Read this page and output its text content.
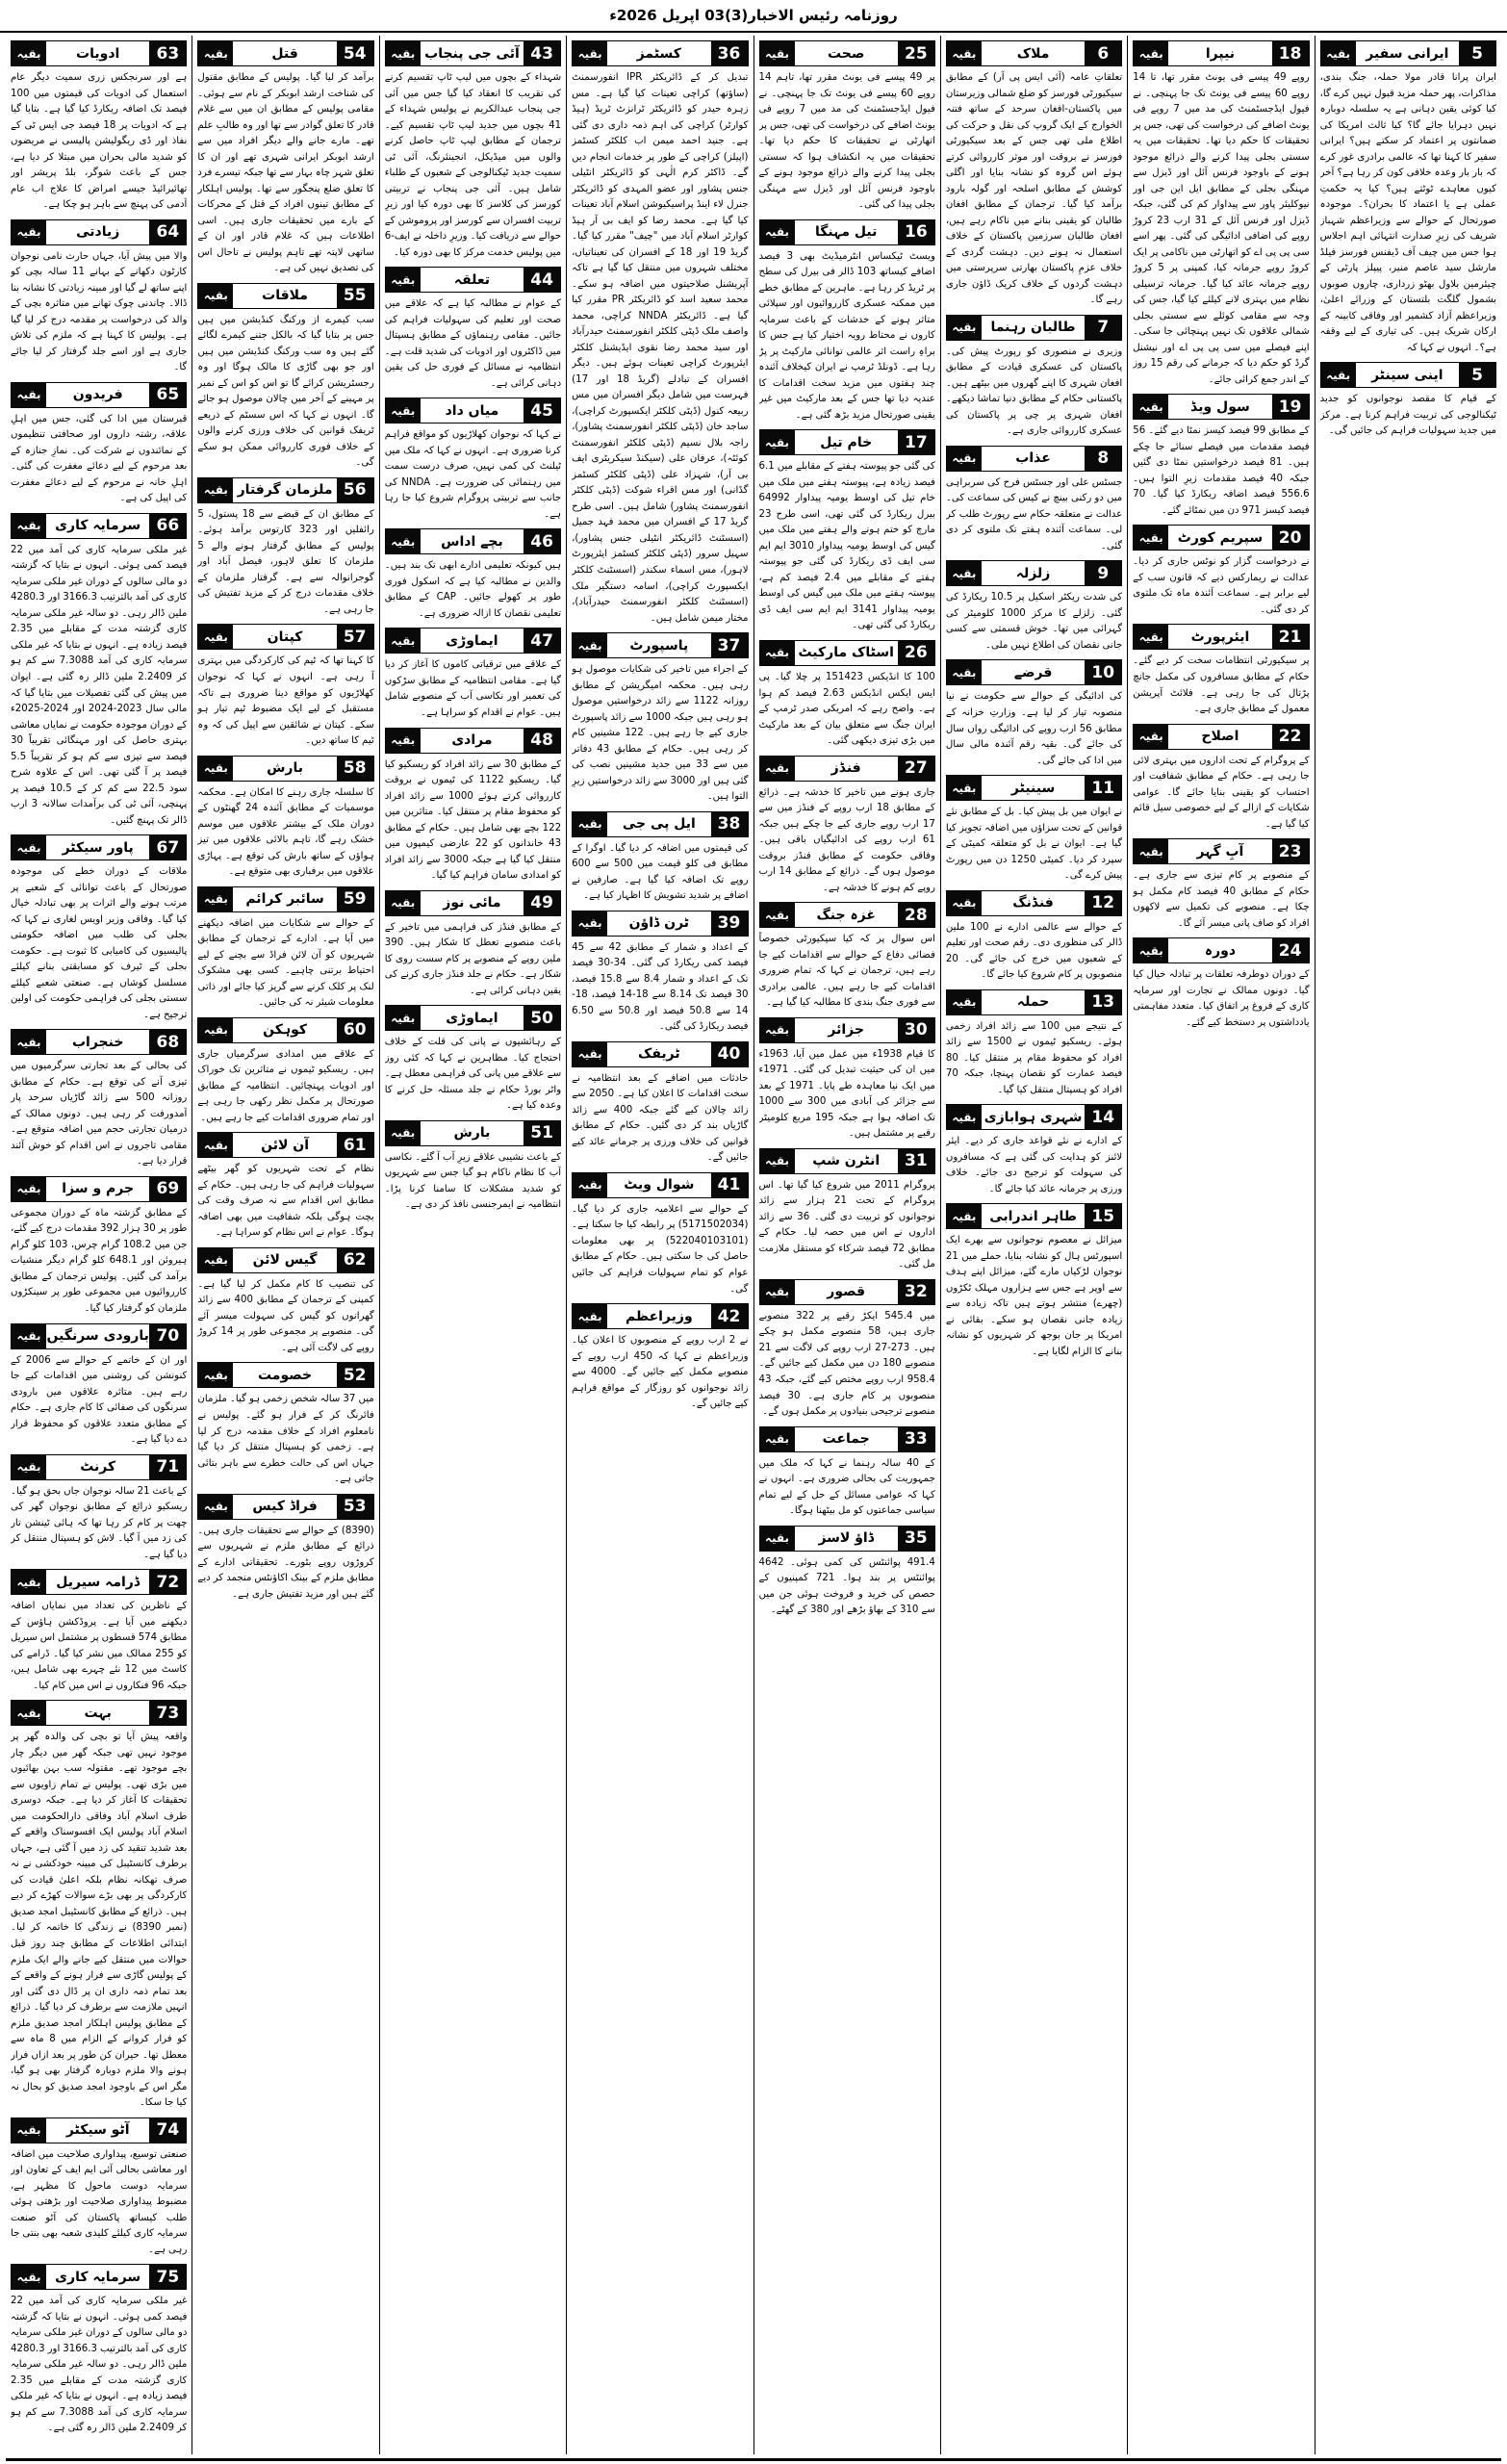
روزنامہ رئیس الاخبار(3)03 اپریل 2026ء
5
ایرانی سفیر
بقیہ
ایران پرانا قادر مولا حملہ، جنگ بندی، مذاکرات، پھر حملہ مزید قبول نہیں کرے گا، کیا کوئی یقین دہانی ہے یہ سلسلہ دوبارہ نہیں دہرایا جائے گا؟ کیا ثالث امریکا کی ضمانتوں پر اعتماد کر سکتے ہیں؟ ایرانی سفیر کا کہنا تھا کہ عالمی برادری غور کرے کہ بار بار وعدہ خلافی کون کر رہا ہے؟ آخر کیوں معاہدے ٹوٹتے ہیں؟ کیا یہ حکمتِ عملی ہے یا اعتماد کا بحران؟۔ موجودہ صورتحال کے حوالے سے وزیراعظم شہباز شریف کی زیرِ صدارت انتہائی اہم اجلاس ہوا جس میں چیف آف ڈیفنس فورسز فیلڈ مارشل سید عاصم منیر، پیپلز پارٹی کے چیئرمین بلاول بھٹو زرداری، چاروں صوبوں بشمول گلگت بلتستان کے وزرائے اعلیٰ، وزیراعظم آزاد کشمیر اور وفاقی کابینہ کے ارکان شریک ہیں۔ کی تیاری کے لیے وقفہ ہے؟۔ انہوں نے کہا کہ
5
اینی سینٹر
بقیہ
کے قیام کا مقصد نوجوانوں کو جدید ٹیکنالوجی کی تربیت فراہم کرنا ہے۔ مرکز میں جدید سہولیات فراہم کی جائیں گی۔
18
نیپرا
بقیہ
روپے 49 پیسے فی یونٹ مقرر تھا، تا 14 روپے 60 پیسے فی یونٹ تک جا پہنچی۔ نے فیول ایڈجسٹمنٹ کی مد میں 7 روپے فی یونٹ اضافے کی درخواست کی تھی، جس پر تحقیقات کا حکم دیا تھا۔ تحقیقات میں یہ سستی بجلی پیدا کرنے والے ذرائع موجود ہونے کے باوجود فرنس آئل اور ڈیزل سے مہنگی بجلی کے مطابق ایل این جی اور نیوکلیئر پاور سے پیداوار کم کی گئی، جبکہ ڈیزل اور فرنس آئل کے 31 ارب 23 کروڑ روپے کی اضافی ادائیگی کی گئی۔ پھر اسے سی پی پی اے کو اتھارٹی میں ناکامی پر ایک کروڑ روپے جرمانہ کیا، کمپنی پر 5 کروڑ روپے جرمانہ عائد کیا گیا۔ جرمانہ ترسیلی نظام میں بہتری لانے کیلئے کیا گیا، جس کی وجہ سے مقامی کوئلے سے سستی بجلی شمالی علاقوں تک نہیں پہنچائی جا سکی۔ اپنے فیصلے میں سی پی پی اے اور نیشنل گرڈ کو حکم دیا کہ جرمانے کی رقم 15 روز کے اندر جمع کرائی جائے۔
19
سول ویڈ
بقیہ
کے مطابق 99 فیصد کیسز نمٹا دیے گئے۔ 56 فیصد مقدمات میں فیصلے سنائے جا چکے ہیں۔ 81 فیصد درخواستیں نمٹا دی گئیں جبکہ 40 فیصد مقدمات زیرِ التوا ہیں۔ 556.6 فیصد اضافہ ریکارڈ کیا گیا۔ 70 فیصد کیسز 971 دن میں نمٹائے گئے۔
20
سپریم کورٹ
بقیہ
نے درخواست گزار کو نوٹس جاری کر دیا۔ عدالت نے ریمارکس دیے کہ قانون سب کے لیے برابر ہے۔ سماعت آئندہ ماہ تک ملتوی کر دی گئی۔
21
ایئرپورٹ
بقیہ
پر سیکیورٹی انتظامات سخت کر دیے گئے۔ حکام کے مطابق مسافروں کی مکمل جانچ پڑتال کی جا رہی ہے۔ فلائٹ آپریشن معمول کے مطابق جاری ہے۔
22
اصلاح
بقیہ
کے پروگرام کے تحت اداروں میں بہتری لائی جا رہی ہے۔ حکام کے مطابق شفافیت اور احتساب کو یقینی بنایا جائے گا۔ عوامی شکایات کے ازالے کے لیے خصوصی سیل قائم کیا گیا ہے۔
23
آبِ گہر
بقیہ
کے منصوبے پر کام تیزی سے جاری ہے۔ حکام کے مطابق 40 فیصد کام مکمل ہو چکا ہے۔ منصوبے کی تکمیل سے لاکھوں افراد کو صاف پانی میسر آئے گا۔
24
دورہ
بقیہ
کے دوران دوطرفہ تعلقات پر تبادلہ خیال کیا گیا۔ دونوں ممالک نے تجارت اور سرمایہ کاری کے فروغ پر اتفاق کیا۔ متعدد مفاہمتی یادداشتوں پر دستخط کیے گئے۔
6
ملاک
بقیہ
تعلقاتِ عامہ (آئی ایس پی آر) کے مطابق سیکیورٹی فورسز کو ضلع شمالی وزیرستان میں پاکستان-افغان سرحد کے ساتھ فتنہ الخوارج کے ایک گروپ کی نقل و حرکت کی اطلاع ملی تھی جس کے بعد سیکیورٹی فورسز نے بروقت اور موثر کارروائی کرتے ہوئے اس گروہ کو نشانہ بنایا اور اگلی کوشش کے مطابق اسلحہ اور گولہ بارود برآمد کیا گیا۔ ترجمان کے مطابق افغان طالبان کو یقینی بنانے میں ناکام رہے ہیں، افغان طالبان سرزمین پاکستان کے خلاف استعمال نہ ہونے دیں۔ دہشت گردی کے خلاف عزمِ پاکستان بھارتی سرپرستی میں دہشت گردوں کے خلاف کریک ڈاؤن جاری رہے گا۔
7
طالبان رہنما
بقیہ
وزیری نے منصوری کو رپورٹ پیش کی۔ پاکستان کی عسکری قیادت کے مطابق افغان شہری کا اپنے گھروں میں بیٹھے ہیں۔ پاکستانی حکام کے مطابق دنیا تماشا دیکھے۔ افغان شہری پر چی پر پاکستان کی عسکری کارروائی جاری ہے۔
8
عذاب
بقیہ
جسٹس علی اور جسٹس فرح کی سربراہی میں دو رکنی بینچ نے کیس کی سماعت کی۔ عدالت نے متعلقہ حکام سے رپورٹ طلب کر لی۔ سماعت آئندہ ہفتے تک ملتوی کر دی گئی۔
9
زلزلہ
بقیہ
کی شدت ریکٹر اسکیل پر 10.5 ریکارڈ کی گئی۔ زلزلے کا مرکز 1000 کلومیٹر کی گہرائی میں تھا۔ خوش قسمتی سے کسی جانی نقصان کی اطلاع نہیں ملی۔
10
قرضے
بقیہ
کی ادائیگی کے حوالے سے حکومت نے نیا منصوبہ تیار کر لیا ہے۔ وزارتِ خزانہ کے مطابق 56 ارب روپے کی ادائیگی رواں سال کی جائے گی۔ بقیہ رقم آئندہ مالی سال میں ادا کی جائے گی۔
11
سینیٹر
بقیہ
نے ایوان میں بل پیش کیا۔ بل کے مطابق نئے قوانین کے تحت سزاؤں میں اضافہ تجویز کیا گیا ہے۔ ایوان نے بل کو متعلقہ کمیٹی کے سپرد کر دیا۔ کمیٹی 1250 دن میں رپورٹ پیش کرے گی۔
12
فنڈنگ
بقیہ
کے حوالے سے عالمی ادارے نے 100 ملین ڈالر کی منظوری دی۔ رقم صحت اور تعلیم کے شعبوں میں خرچ کی جائے گی۔ 20 منصوبوں پر کام شروع کیا جائے گا۔
13
حملہ
بقیہ
کے نتیجے میں 100 سے زائد افراد زخمی ہوئے۔ ریسکیو ٹیموں نے 1500 سے زائد افراد کو محفوظ مقام پر منتقل کیا۔ 80 فیصد عمارت کو نقصان پہنچا، جبکہ 70 افراد کو ہسپتال منتقل کیا گیا۔
14
شہری ہوابازی
بقیہ
کے ادارے نے نئے قواعد جاری کر دیے۔ ایئر لائنز کو ہدایت کی گئی ہے کہ مسافروں کی سہولت کو ترجیح دی جائے۔ خلاف ورزی پر جرمانہ عائد کیا جائے گا۔
15
طاہر اندرابی
بقیہ
میزائل نے معصوم نوجوانوں سے بھرے ایک اسپورٹس ہال کو نشانہ بنایا، حملے میں 21 نوجوان لڑکیاں مارے گئے، میزائل اپنے ہدف سے اوپر ہے جس سے ہزاروں مہلک ٹکڑوں (چھرے) منتشر ہوتے ہیں تاکہ زیادہ سے زیادہ جانی نقصان ہو سکے۔ بقائی نے امریکا پر جان بوجھ کر شہریوں کو نشانہ بنانے کا الزام لگایا ہے۔
25
صحت
بقیہ
پر 49 پیسے فی یونٹ مقرر تھا، تاہم 14 روپے 60 پیسے فی یونٹ تک جا پہنچی۔ نے فیول ایڈجسٹمنٹ کی مد میں 7 روپے فی یونٹ اضافے کی درخواست کی تھی، جس پر اتھارٹی نے تحقیقات کا حکم دیا تھا۔ تحقیقات میں یہ انکشاف ہوا کہ سستی بجلی پیدا کرنے والے ذرائع موجود ہونے کے باوجود فرنس آئل اور ڈیزل سے مہنگی بجلی پیدا کی گئی۔
16
تیل مہنگا
بقیہ
ویسٹ ٹیکساس انٹرمیڈیٹ بھی 3 فیصد اضافے کیساتھ 103 ڈالر فی بیرل کی سطح پر ٹریڈ کر رہا ہے۔ ماہرین کے مطابق خطے میں ممکنہ عسکری کارروائیوں اور سپلائی متاثر ہونے کے خدشات کے باعث سرمایہ کاروں نے محتاط رویہ اختیار کیا ہے جس کا براہِ راست اثر عالمی توانائی مارکیٹ پر پڑ رہا ہے۔ ڈونلڈ ٹرمپ نے ایران کیخلاف آئندہ چند ہفتوں میں مزید سخت اقدامات کا عندیہ دیا تھا جس کے بعد مارکیٹ میں غیر یقینی صورتحال مزید بڑھ گئی ہے۔
17
خام تیل
بقیہ
کی گئی جو پیوستہ ہفتے کے مقابلے میں 6.1 فیصد زیادہ ہے، پیوستہ ہفتے میں ملک میں خام تیل کی اوسط یومیہ پیداوار 64992 بیرل ریکارڈ کی گئی تھی، اسی طرح 23 مارچ کو ختم ہونے والے ہفتے میں ملک میں گیس کی اوسط یومیہ پیداوار 3010 ایم ایم سی ایف ڈی ریکارڈ کی گئی جو پیوستہ ہفتے کے مقابلے میں 2.4 فیصد کم ہے، پیوستہ ہفتے میں ملک میں گیس کی اوسط یومیہ پیداوار 3141 ایم ایم سی ایف ڈی ریکارڈ کی گئی تھی۔
26
اسٹاک مارکیٹ
بقیہ
100 کا انڈیکس 151423 پر چلا گیا۔ پی ایس ایکس انڈیکس 2.63 فیصد کم ہوا ہے۔ واضح رہے کہ امریکی صدر ٹرمپ کے ایران جنگ سے متعلق بیان کے بعد مارکیٹ میں بڑی تیزی دیکھی گئی۔
27
فنڈز
بقیہ
جاری ہونے میں تاخیر کا خدشہ ہے۔ ذرائع کے مطابق 18 ارب روپے کے فنڈز میں سے 17 ارب روپے جاری کیے جا چکے ہیں جبکہ 61 ارب روپے کی ادائیگیاں باقی ہیں۔ وفاقی حکومت کے مطابق فنڈز بروقت موصول ہوں گے۔ ذرائع کے مطابق 14 ارب روپے کم ہونے کا خدشہ ہے۔
28
غزہ جنگ
بقیہ
اس سوال پر کہ کیا سیکیورٹی خصوصاً فضائی دفاع کے حوالے سے اقدامات کیے جا رہے ہیں، ترجمان نے کہا کہ تمام ضروری اقدامات کیے جا رہے ہیں۔ عالمی برادری سے فوری جنگ بندی کا مطالبہ کیا گیا ہے۔
30
جزائر
بقیہ
کا قیام 1938ء میں عمل میں آیا، 1963ء میں ان کی حیثیت تبدیل کی گئی۔ 1971ء میں ایک نیا معاہدہ طے پایا۔ 1971 کے بعد سے جزائر کی آبادی میں 300 سے 1000 تک اضافہ ہوا ہے جبکہ 195 مربع کلومیٹر رقبے پر مشتمل ہیں۔
31
انٹرن شپ
بقیہ
پروگرام 2011 میں شروع کیا گیا تھا۔ اس پروگرام کے تحت 21 ہزار سے زائد نوجوانوں کو تربیت دی گئی۔ 36 سے زائد اداروں نے اس میں حصہ لیا۔ حکام کے مطابق 72 فیصد شرکاء کو مستقل ملازمت مل گئی۔
32
قصور
بقیہ
میں 545.4 ایکڑ رقبے پر 322 منصوبے جاری ہیں، 58 منصوبے مکمل ہو چکے ہیں۔ 273-27 ارب روپے کی لاگت سے 21 منصوبے 180 دن میں مکمل کیے جائیں گے۔ 958.4 ارب روپے مختص کیے گئے، جبکہ 43 منصوبوں پر کام جاری ہے۔ 30 فیصد منصوبے ترجیحی بنیادوں پر مکمل ہوں گے۔
33
جماعت
بقیہ
کے 40 سالہ رہنما نے کہا کہ ملک میں جمہوریت کی بحالی ضروری ہے۔ انہوں نے کہا کہ عوامی مسائل کے حل کے لیے تمام سیاسی جماعتوں کو مل بیٹھنا ہوگا۔
35
ڈاؤ لاسز
بقیہ
491.4 پوائنٹس کی کمی ہوئی۔ 4642 پوائنٹس پر بند ہوا۔ 721 کمپنیوں کے حصص کی خرید و فروخت ہوئی جن میں سے 310 کے بھاؤ بڑھے اور 380 کے گھٹے۔
36
کسٹمز
بقیہ
تبدیل کر کے ڈائریکٹر IPR انفورسمنٹ (ساؤتھ) کراچی تعینات کیا گیا ہے۔ مس زہرہ حیدر کو ڈائریکٹر ٹرانزٹ ٹریڈ (ہیڈ کوارٹر) کراچی کی اہم ذمہ داری دی گئی ہے۔ جنید احمد میمن اب کلکٹر کسٹمز (اپیلز) کراچی کے طور پر خدمات انجام دیں گے۔ ڈاکٹر کرم الٰہی کو ڈائریکٹر انٹیلی جنس پشاور اور عضو المہدی کو ڈائریکٹر جنرل لاء اینڈ پراسیکیوشن اسلام آباد تعینات کیا گیا ہے۔ محمد رضا کو ایف بی آر ہیڈ کوارٹر اسلام آباد میں "چیف" مقرر کیا گیا۔ گریڈ 19 اور 18 کے افسران کی تعیناتیاں، مختلف شہروں میں منتقل کیا گیا ہے تاکہ آپریشنل صلاحیتوں میں اضافہ ہو سکے۔ محمد سعید اسد کو ڈائریکٹر PR مقرر کیا گیا ہے۔ ڈائریکٹر NNDA کراچی، محمد واصف ملک ڈپٹی کلکٹر انفورسمنٹ حیدرآباد اور سید محمد رضا نقوی ایڈیشنل کلکٹر ایئرپورٹ کراچی تعینات ہوئے ہیں۔ دیگر افسران کے تبادلے (گریڈ 18 اور 17) فہرست میں شامل دیگر افسران میں مس ربیعہ کنول (ڈپٹی کلکٹر ایکسپورٹ کراچی)، ساجد خان (ڈپٹی کلکٹر انفورسمنٹ پشاور)، راجہ بلال نسیم (ڈپٹی کلکٹر انفورسمنٹ کوئٹہ)، عرفان علی (سیکنڈ سیکریٹری ایف بی آر)، شہزاد علی (ڈپٹی کلکٹر کسٹمز گڈانی) اور مس اقراء شوکت (ڈپٹی کلکٹر انفورسمنٹ پشاور) شامل ہیں۔ اسی طرح گریڈ 17 کے افسران میں محمد فہد جمیل (اسسٹنٹ ڈائریکٹر انٹیلی جنس پشاور)، سہیل سرور (ڈپٹی کلکٹر کسٹمز ایئرپورٹ لاہور)، مس اسماء سکندر (اسسٹنٹ کلکٹر ایکسپورٹ کراچی)، اسامہ دستگیر ملک (اسسٹنٹ کلکٹر انفورسمنٹ حیدرآباد)، مختار میمن شامل ہیں۔
37
پاسپورٹ
بقیہ
کے اجراء میں تاخیر کی شکایات موصول ہو رہی ہیں۔ محکمہ امیگریشن کے مطابق روزانہ 1122 سے زائد درخواستیں موصول ہو رہی ہیں جبکہ 1000 سے زائد پاسپورٹ جاری کیے جا رہے ہیں۔ 122 مشینیں کام کر رہی ہیں۔ حکام کے مطابق 43 دفاتر میں سے 33 میں جدید مشینیں نصب کی گئی ہیں اور 3000 سے زائد درخواستیں زیرِ التوا ہیں۔
38
ایل پی جی
بقیہ
کی قیمتوں میں اضافہ کر دیا گیا۔ اوگرا کے مطابق فی کلو قیمت میں 500 سے 600 روپے تک اضافہ کیا گیا ہے۔ صارفین نے اضافے پر شدید تشویش کا اظہار کیا ہے۔
39
ٹرن ڈاؤن
بقیہ
کے اعداد و شمار کے مطابق 42 سے 45 فیصد کمی ریکارڈ کی گئی۔ 34-30 فیصد تک کے اعداد و شمار 8.4 سے 15.8 فیصد، 30 فیصد تک 8.14 سے 18-14 فیصد، 18-14 سے 50.8 فیصد اور 50.8 سے 6.50 فیصد ریکارڈ کی گئی۔
40
ٹریفک
بقیہ
حادثات میں اضافے کے بعد انتظامیہ نے سخت اقدامات کا اعلان کیا ہے۔ 2050 سے زائد چالان کیے گئے جبکہ 400 سے زائد گاڑیاں بند کر دی گئیں۔ حکام کے مطابق قوانین کی خلاف ورزی پر جرمانے عائد کیے جائیں گے۔
41
شوال ویٹ
بقیہ
کے حوالے سے اعلامیہ جاری کر دیا گیا۔ (5171502034) پر رابطہ کیا جا سکتا ہے۔ (522040103101) پر بھی معلومات حاصل کی جا سکتی ہیں۔ حکام کے مطابق عوام کو تمام سہولیات فراہم کی جائیں گی۔
42
وزیراعظم
بقیہ
نے 2 ارب روپے کے منصوبوں کا اعلان کیا۔ وزیراعظم نے کہا کہ 450 ارب روپے کے منصوبے مکمل کیے جائیں گے۔ 4000 سے زائد نوجوانوں کو روزگار کے مواقع فراہم کیے جائیں گے۔
43
آئی جی پنجاب
بقیہ
شہداء کے بچوں میں لیپ ٹاپ تقسیم کرنے کی تقریب کا انعقاد کیا گیا جس میں آئی جی پنجاب عبدالکریم نے پولیس شہداء کے 41 بچوں میں جدید لیپ ٹاپ تقسیم کیے۔ ترجمان کے مطابق لیپ ٹاپ حاصل کرنے والوں میں میڈیکل، انجینئرنگ، آئی ٹی سمیت جدید ٹیکنالوجی کے شعبوں کے طلباء شامل ہیں۔ آئی جی پنجاب نے تربیتی کورسز کی کلاسز کا بھی دورہ کیا اور زیرِ تربیت افسران سے کورسز اور پروموشن کے حوالے سے دریافت کیا۔ وزیرِ داخلہ نے ایف-6 میں پولیس خدمت مرکز کا بھی دورہ کیا۔
44
تعلقہ
بقیہ
کے عوام نے مطالبہ کیا ہے کہ علاقے میں صحت اور تعلیم کی سہولیات فراہم کی جائیں۔ مقامی رہنماؤں کے مطابق ہسپتال میں ڈاکٹروں اور ادویات کی شدید قلت ہے۔ انتظامیہ نے مسائل کے فوری حل کی یقین دہانی کرائی ہے۔
45
میاں داد
بقیہ
نے کہا کہ نوجوان کھلاڑیوں کو مواقع فراہم کرنا ضروری ہے۔ انہوں نے کہا کہ ملک میں ٹیلنٹ کی کمی نہیں، صرف درست سمت میں رہنمائی کی ضرورت ہے۔ NNDA کی جانب سے تربیتی پروگرام شروع کیا جا رہا ہے۔
46
بچے اداس
بقیہ
ہیں کیونکہ تعلیمی ادارے ابھی تک بند ہیں۔ والدین نے مطالبہ کیا ہے کہ اسکول فوری طور پر کھولے جائیں۔ CAP کے مطابق تعلیمی نقصان کا ازالہ ضروری ہے۔
47
ایماوڑی
بقیہ
کے علاقے میں ترقیاتی کاموں کا آغاز کر دیا گیا ہے۔ مقامی انتظامیہ کے مطابق سڑکوں کی تعمیر اور نکاسی آب کے منصوبے شامل ہیں۔ عوام نے اقدام کو سراہا ہے۔
48
مرادی
بقیہ
کے مطابق 30 سے زائد افراد کو ریسکیو کیا گیا۔ ریسکیو 1122 کی ٹیموں نے بروقت کارروائی کرتے ہوئے 1000 سے زائد افراد کو محفوظ مقام پر منتقل کیا۔ متاثرین میں 122 بچے بھی شامل ہیں۔ حکام کے مطابق 43 خاندانوں کو 22 عارضی کیمپوں میں منتقل کیا گیا ہے جبکہ 3000 سے زائد افراد کو امدادی سامان فراہم کیا گیا۔
49
مائی نوز
بقیہ
کے مطابق فنڈز کی فراہمی میں تاخیر کے باعث منصوبے تعطل کا شکار ہیں۔ 390 ملین روپے کے منصوبے پر کام سست روی کا شکار ہے۔ حکام نے جلد فنڈز جاری کرنے کی یقین دہانی کرائی ہے۔
50
ایماوڑی
بقیہ
کے رہائشیوں نے پانی کی قلت کے خلاف احتجاج کیا۔ مظاہرین نے کہا کہ کئی روز سے علاقے میں پانی کی فراہمی معطل ہے۔ واٹر بورڈ حکام نے جلد مسئلہ حل کرنے کا وعدہ کیا ہے۔
51
بارش
بقیہ
کے باعث نشیبی علاقے زیرِ آب آ گئے۔ نکاسی آب کا نظام ناکام ہو گیا جس سے شہریوں کو شدید مشکلات کا سامنا کرنا پڑا۔ انتظامیہ نے ایمرجنسی نافذ کر دی ہے۔
54
قتل
بقیہ
برآمد کر لیا گیا۔ پولیس کے مطابق مقتول کی شناخت ارشد ابوبکر کے نام سے ہوئی۔ مقامی پولیس کے مطابق ان میں سے غلام قادر کا تعلق گوادر سے تھا اور وہ طالبِ علم تھے۔ مارے جانے والے دیگر افراد میں سے ارشد ابوبکر ایرانی شہری تھے اور ان کا تعلق شہر چاہ بہار سے تھا جبکہ تیسرے فرد کا تعلق ضلع پنجگور سے تھا۔ پولیس اہلکار کے مطابق تینوں افراد کے قتل کے محرکات کے بارے میں تحقیقات جاری ہیں۔ اسی اطلاعات ہیں کہ غلام قادر اور ان کے ساتھی لاپتہ تھے تاہم پولیس نے تاحال اس کی تصدیق نہیں کی ہے۔
55
ملاقات
بقیہ
سب کیمرے از ورکنگ کنڈیشن میں ہیں جس پر بتایا گیا کہ بالکل جتنے کیمرے لگائے گئے ہیں وہ سب ورکنگ کنڈیشن میں ہیں اور جو بھی گاڑی کا مالک ہوگا اور وہ رجسٹریشن کرائے گا تو اس کو اس کے نمبر پر مہینے کے آخر میں چالان موصول ہو جائے گا۔ انہوں نے کہا کہ اس سسٹم کے ذریعے ٹریفک قوانین کی خلاف ورزی کرنے والوں کے خلاف فوری کارروائی ممکن ہو سکے گی۔
56
ملزمان گرفتار
بقیہ
کے مطابق ان کے قبضے سے 18 پستول، 5 رائفلیں اور 323 کارتوس برآمد ہوئے۔ پولیس کے مطابق گرفتار ہونے والے 5 ملزمان کا تعلق لاہور، فیصل آباد اور گوجرانوالہ سے ہے۔ گرفتار ملزمان کے خلاف مقدمات درج کر کے مزید تفتیش کی جا رہی ہے۔
57
کپتان
بقیہ
کا کہنا تھا کہ ٹیم کی کارکردگی میں بہتری آ رہی ہے۔ انہوں نے کہا کہ نوجوان کھلاڑیوں کو مواقع دینا ضروری ہے تاکہ مستقبل کے لیے ایک مضبوط ٹیم تیار ہو سکے۔ کپتان نے شائقین سے اپیل کی کہ وہ ٹیم کا ساتھ دیں۔
58
بارش
بقیہ
کا سلسلہ جاری رہنے کا امکان ہے۔ محکمہ موسمیات کے مطابق آئندہ 24 گھنٹوں کے دوران ملک کے بیشتر علاقوں میں موسم خشک رہے گا، تاہم بالائی علاقوں میں تیز ہواؤں کے ساتھ بارش کی توقع ہے۔ پہاڑی علاقوں میں برفباری بھی متوقع ہے۔
59
سائبر کرائم
بقیہ
کے حوالے سے شکایات میں اضافہ دیکھنے میں آیا ہے۔ ادارے کے ترجمان کے مطابق شہریوں کو آن لائن فراڈ سے بچنے کے لیے احتیاط برتنی چاہیے۔ کسی بھی مشکوک لنک پر کلک کرنے سے گریز کیا جائے اور ذاتی معلومات شیئر نہ کی جائیں۔
60
کوہکن
بقیہ
کے علاقے میں امدادی سرگرمیاں جاری ہیں۔ ریسکیو ٹیموں نے متاثرین تک خوراک اور ادویات پہنچائیں۔ انتظامیہ کے مطابق صورتحال پر مکمل نظر رکھی جا رہی ہے اور تمام ضروری اقدامات کیے جا رہے ہیں۔
61
آن لائن
بقیہ
نظام کے تحت شہریوں کو گھر بیٹھے سہولیات فراہم کی جا رہی ہیں۔ حکام کے مطابق اس اقدام سے نہ صرف وقت کی بچت ہوگی بلکہ شفافیت میں بھی اضافہ ہوگا۔ عوام نے اس نظام کو سراہا ہے۔
62
گیس لائن
بقیہ
کی تنصیب کا کام مکمل کر لیا گیا ہے۔ کمپنی کے ترجمان کے مطابق 400 سے زائد گھرانوں کو گیس کی سہولت میسر آئے گی۔ منصوبے پر مجموعی طور پر 14 کروڑ روپے کی لاگت آئی ہے۔
52
خصومت
بقیہ
میں 37 سالہ شخص زخمی ہو گیا۔ ملزمان فائرنگ کر کے فرار ہو گئے۔ پولیس نے نامعلوم افراد کے خلاف مقدمہ درج کر لیا ہے۔ زخمی کو ہسپتال منتقل کر دیا گیا جہاں اس کی حالت خطرے سے باہر بتائی جاتی ہے۔
53
فراڈ کیس
بقیہ
(8390) کے حوالے سے تحقیقات جاری ہیں۔ ذرائع کے مطابق ملزم نے شہریوں سے کروڑوں روپے بٹورے۔ تحقیقاتی ادارے کے مطابق ملزم کے بینک اکاؤنٹس منجمد کر دیے گئے ہیں اور مزید تفتیش جاری ہے۔
63
ادویات
بقیہ
ہے اور سرنجکس زری سمیت دیگر عام استعمال کی ادویات کی قیمتوں میں 100 فیصد تک اضافہ ریکارڈ کیا گیا ہے۔ بتایا گیا ہے کہ ادویات پر 18 فیصد جی ایس ٹی کے نفاذ اور ڈی ریگولیشن پالیسی نے مریضوں کو شدید مالی بحران میں مبتلا کر دیا ہے، جس کے باعث شوگر، بلڈ پریشر اور تھائیرائیڈ جیسے امراض کا علاج اب عام آدمی کی پہنچ سے باہر ہو چکا ہے۔
64
زیادتی
بقیہ
والا میں پیش آیا، جہاں حارث نامی نوجوان کارٹون دکھانے کے بہانے 11 سالہ بچی کو اپنے ساتھ لے گیا اور مبینہ زیادتی کا نشانہ بنا ڈالا۔ چاندنی چوک تھانے میں متاثرہ بچی کے والد کی درخواست پر مقدمہ درج کر لیا گیا ہے۔ پولیس کا کہنا ہے کہ ملزم کی تلاش جاری ہے اور اسے جلد گرفتار کر لیا جائے گا۔
65
فریدون
بقیہ
قبرستان میں ادا کی گئی، جس میں اہلِ علاقہ، رشتہ داروں اور صحافتی تنظیموں کے نمائندوں نے شرکت کی۔ نمازِ جنازہ کے بعد مرحوم کے لیے دعائے مغفرت کی گئی۔ اہلِ خانہ نے مرحوم کے لیے دعائے مغفرت کی اپیل کی ہے۔
66
سرمایہ کاری
بقیہ
غیر ملکی سرمایہ کاری کی آمد میں 22 فیصد کمی ہوئی۔ انہوں نے بتایا کہ گزشتہ دو مالی سالوں کے دوران غیر ملکی سرمایہ کاری کی آمد بالترتیب 3166.3 اور 4280.3 ملین ڈالر رہی۔ دو سالہ غیر ملکی سرمایہ کاری گزشتہ مدت کے مقابلے میں 2.35 فیصد زیادہ ہے۔ انہوں نے بتایا کہ غیر ملکی سرمایہ کاری کی آمد 7.3088 سے کم ہو کر 2.2409 ملین ڈالر رہ گئی ہے۔ ایوان میں پیش کی گئی تفصیلات میں بتایا گیا کہ مالی سال 2023-2024 اور 2024-2025ء کے دوران موجودہ حکومت نے نمایاں معاشی بہتری حاصل کی اور مہنگائی تقریباً 30 فیصد سے تیزی سے کم ہو کر تقریباً 5.5 فیصد پر آ گئی تھی۔ اس کے علاوہ شرح سود 22.5 سے کم کر کے 10.5 فیصد پر پہنچی، آئی ٹی کی برآمدات سالانہ 3 ارب ڈالر تک پہنچ گئیں۔
67
پاور سیکٹر
بقیہ
ملاقات کے دوران خطے کی موجودہ صورتحال کے باعث توانائی کے شعبے پر مرتب ہونے والے اثرات پر بھی تبادلہ خیال کیا گیا۔ وفاقی وزیر اویس لغاری نے کہا کہ بجلی کی طلب میں اضافہ حکومتی پالیسیوں کی کامیابی کا ثبوت ہے۔ حکومت بجلی کے ٹیرف کو مسابقتی بنانے کیلئے مسلسل کوشاں ہے۔ صنعتی شعبے کیلئے سستی بجلی کی فراہمی حکومت کی اولین ترجیح ہے۔
68
خنجراب
بقیہ
کی بحالی کے بعد تجارتی سرگرمیوں میں تیزی آنے کی توقع ہے۔ حکام کے مطابق روزانہ 500 سے زائد گاڑیاں سرحد پار آمدورفت کر رہی ہیں۔ دونوں ممالک کے درمیان تجارتی حجم میں اضافہ متوقع ہے۔ مقامی تاجروں نے اس اقدام کو خوش آئند قرار دیا ہے۔
69
جرم و سزا
بقیہ
کے مطابق گزشتہ ماہ کے دوران مجموعی طور پر 30 ہزار 392 مقدمات درج کیے گئے، جن میں 108.2 گرام چرس، 103 کلو گرام ہیروئن اور 648.1 کلو گرام دیگر منشیات برآمد کی گئیں۔ پولیس ترجمان کے مطابق کارروائیوں میں مجموعی طور پر سینکڑوں ملزمان کو گرفتار کیا گیا۔
70
بارودی سرنگیں
بقیہ
اور ان کے خاتمے کے حوالے سے 2006 کے کنونشن کی روشنی میں اقدامات کیے جا رہے ہیں۔ متاثرہ علاقوں میں بارودی سرنگوں کی صفائی کا کام جاری ہے۔ حکام کے مطابق متعدد علاقوں کو محفوظ قرار دے دیا گیا ہے۔
71
کرنٹ
بقیہ
کے باعث 21 سالہ نوجوان جاں بحق ہو گیا۔ ریسکیو ذرائع کے مطابق نوجوان گھر کی چھت پر کام کر رہا تھا کہ ہائی ٹینشن تار کی زد میں آ گیا۔ لاش کو ہسپتال منتقل کر دیا گیا ہے۔
72
ڈرامہ سیریل
بقیہ
کے ناظرین کی تعداد میں نمایاں اضافہ دیکھنے میں آیا ہے۔ پروڈکشن ہاؤس کے مطابق 574 قسطوں پر مشتمل اس سیریل کو 255 ممالک میں نشر کیا گیا۔ ڈرامے کی کاسٹ میں 12 نئے چہرے بھی شامل ہیں، جبکہ 96 فنکاروں نے اس میں کام کیا۔
73
بہت
بقیہ
واقعہ پیش آیا تو بچی کی والدہ گھر پر موجود نہیں تھی جبکہ گھر میں دیگر چار بچے موجود تھے۔ مقتولہ سب بہن بھائیوں میں بڑی تھی۔ پولیس نے تمام زاویوں سے تحقیقات کا آغاز کر دیا ہے۔ جبکہ دوسری طرف اسلام آباد وفاقی دارالحکومت میں اسلام آباد پولیس ایک افسوسناک واقعے کے بعد شدید تنقید کی زد میں آ گئی ہے، جہاں برطرف کانسٹیبل کی مبینہ خودکشی نے نہ صرف تھکانہ نظام بلکہ اعلیٰ قیادت کی کارکردگی پر بھی بڑے سوالات کھڑے کر دیے ہیں۔ ذرائع کے مطابق کانسٹیبل امجد صدیق (نمبر 8390) نے زندگی کا خاتمہ کر لیا۔ ابتدائی اطلاعات کے مطابق چند روز قبل حوالات میں منتقل کیے جانے والے ایک ملزم کے پولیس گاڑی سے فرار ہونے کے واقعے کے بعد تمام ذمہ داری ان پر ڈال دی گئی اور انہیں ملازمت سے برطرف کر دیا گیا۔ ذرائع کے مطابق پولیس اہلکار امجد صدیق ملزم کو فرار کروانے کے الزام میں 8 ماہ سے معطل تھا۔ حیران کن طور پر بعد ازاں فرار ہونے والا ملزم دوبارہ گرفتار بھی ہو گیا، مگر اس کے باوجود امجد صدیق کو بحال نہ کیا جا سکا۔
74
آٹو سیکٹر
بقیہ
صنعتی توسیع، پیداواری صلاحیت میں اضافہ اور معاشی بحالی آئی ایم ایف کے تعاون اور سرمایہ دوست ماحول کا مظہر ہے، مضبوط پیداواری صلاحیت اور بڑھتی ہوئی طلب کیساتھ پاکستان کی آٹو صنعت سرمایہ کاری کیلئے کلیدی شعبہ بھی بنتی جا رہی ہے۔
75
سرمایہ کاری
بقیہ
غیر ملکی سرمایہ کاری کی آمد میں 22 فیصد کمی ہوئی۔ انہوں نے بتایا کہ گزشتہ دو مالی سالوں کے دوران غیر ملکی سرمایہ کاری کی آمد بالترتیب 3166.3 اور 4280.3 ملین ڈالر رہی۔ دو سالہ غیر ملکی سرمایہ کاری گزشتہ مدت کے مقابلے میں 2.35 فیصد زیادہ ہے۔ انہوں نے بتایا کہ غیر ملکی سرمایہ کاری کی آمد 7.3088 سے کم ہو کر 2.2409 ملین ڈالر رہ گئی ہے۔
